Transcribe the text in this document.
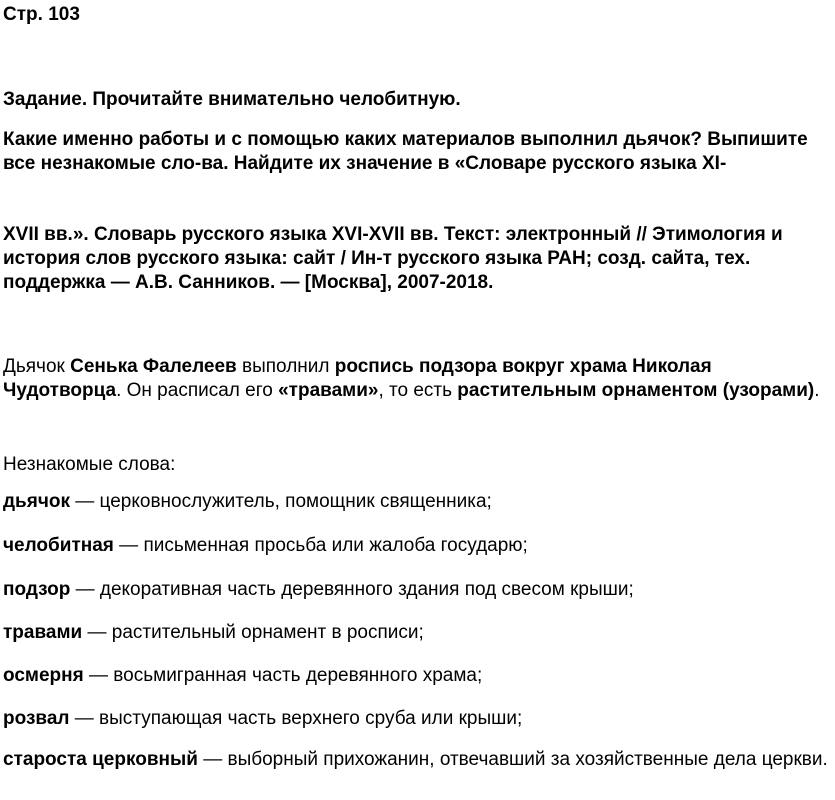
Стр. 103
Задание. Прочитайте внимательно челобитную.
Какие именно работы и с помощью каких материалов выполнил дьячок? Выпишите все незнакомые сло-ва. Найдите их значение в «Словаре русского языка XI-
XVII вв.». Словарь русского языка XVI-XVII вв. Текст: электронный // Этимология и история слов русского языка: сайт / Ин-т русского языка РАН; созд. сайта, тех. поддержка — А.В. Санников. — [Москва], 2007-2018.
Дьячок Сенька Фалелеев выполнил роспись подзора вокруг храма Николая Чудотворца. Он расписал его «травами», то есть растительным орнаментом (узорами).
Незнакомые слова:
дьячок — церковнослужитель, помощник священника;
челобитная — письменная просьба или жалоба государю;
подзор — декоративная часть деревянного здания под свесом крыши;
травами — растительный орнамент в росписи;
осмерня — восьмигранная часть деревянного храма;
розвал — выступающая часть верхнего сруба или крыши;
староста церковный — выборный прихожанин, отвечавший за хозяйственные дела церкви.
